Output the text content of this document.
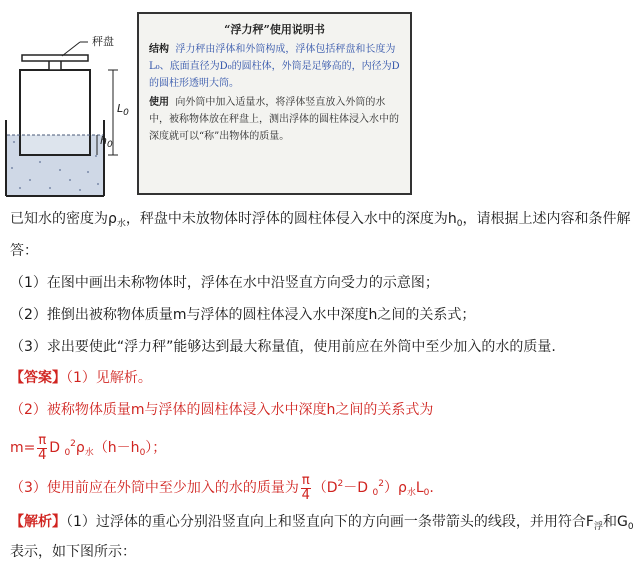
秤盘
$L_0$
$h_0$
“浮力秤”使用说明书
结构 浮力秤由浮体和外筒构成，浮体包括秤盘和长度为L₀、底面直径为D₀的圆柱体，外筒是足够高的，内径为D的圆柱形透明大筒。
使用 向外筒中加入适量水，将浮体竖直放入外筒的水中，被称物体放在秤盘上，测出浮体的圆柱体浸入水中的深度就可以“称”出物体的质量。
已知水的密度为$\rho_水$，秤盘中未放物体时浮体的圆柱体侵入水中的深度为$h_0$，请根据上述内容和条件解
答：
（1）在图中画出未称物体时，浮体在水中沿竖直方向受力的示意图；
（2）推倒出被称物体质量m与浮体的圆柱体浸入水中深度h之间的关系式；
（3）求出要使此“浮力秤”能够达到最大称量值，使用前应在外筒中至少加入的水的质量.
【答案】（1）见解析。
（2）被称物体质量m与浮体的圆柱体浸入水中深度h之间的关系式为
$m= \frac{\pi}{4}$ D $_0^2\rho_水(h-h_0)$；
（3）使用前应在外筒中至少加入的水的质量为 $\frac{\pi}{4} (D^2-D$ $_0^2)\rho_水L_0$.
【解析】（1）过浮体的重心分别沿竖直向上和竖直向下的方向画一条带箭头的线段，并用符合$F_浮$和$G_0$
表示，如下图所示：
